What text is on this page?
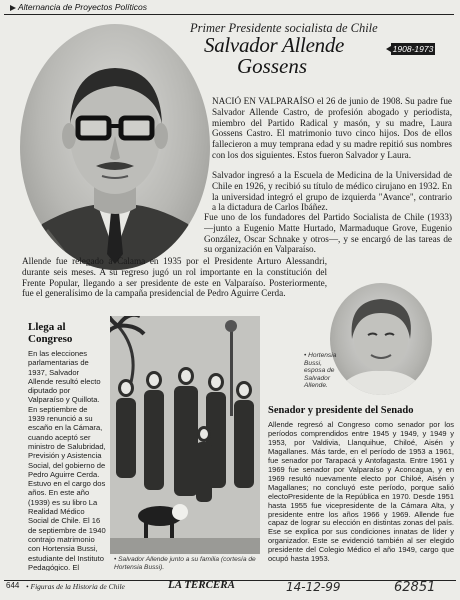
Alternancia de Proyectos Políticos
Primer Presidente socialista de Chile
Salvador Allende	1908-1973
Gossens
NACIÓ EN VALPARAÍSO el 26 de junio de 1908. Su padre fue Salvador Allende Castro, de profesión abogado y periodista, miembro del Partido Radical y masón, y su madre, Laura Gossens Castro. El matrimonio tuvo cinco hijos. Dos de ellos fallecieron a muy temprana edad y su madre repitió sus nombres con los dos siguientes. Estos fueron Salvador y Laura.
Salvador ingresó a la Escuela de Medicina de la Universidad de Chile en 1926, y recibió su título de médico cirujano en 1932. En la universidad integró el grupo de izquierda "Avance", contrario a la dictadura de Carlos Ibáñez.
Fue uno de los fundadores del Partido Socialista de Chile (1933) —junto a Eugenio Matte Hurtado, Marmaduque Grove, Eugenio González, Oscar Schnake y otros—, y se encargó de las tareas de su organización en Valparaíso.
Allende fue relegado a Calama en 1935 por el Presidente Arturo Alessandri, durante seis meses. A su regreso jugó un rol importante en la constitución del Frente Popular, llegando a ser presidente de este en Valparaíso. Posteriormente, fue el generalísimo de la campaña presidencial de Pedro Aguirre Cerda.
• Hortensia Bussi, esposa de Salvador Allende.
Llega al
Congreso
En las elecciones parlamentarias de 1937, Salvador Allende resultó electo diputado por Valparaíso y Quillota. En septiembre de 1939 renunció a su escaño en la Cámara, cuando aceptó ser ministro de Salubridad, Previsión y Asistencia Social, del gobierno de Pedro Aguirre Cerda. Estuvo en el cargo dos años. En este año (1939) es su libro La Realidad Médico Social de Chile. El 16 de septiembre de 1940 contrajo matrimonio con Hortensia Bussi, estudiante del Instituto Pedagógico. El
• Salvador Allende junto a su familia (cortesía de Hortensia Bussi).
Senador y presidente del Senado
Allende regresó al Congreso como senador por los períodos comprendidos entre 1945 y 1949, y 1949 y 1953, por Valdivia, Llanquihue, Chiloé, Aisén y Magallanes. Más tarde, en el período de 1953 a 1961, fue senador por Tarapacá y Antofagasta. Entre 1961 y 1969 fue senador por Valparaíso y Aconcagua, y en 1969 resultó nuevamente electo por Chiloé, Aisén y Magallanes; no concluyó este período, porque salió electoPresidente de la República en 1970. Desde 1951 hasta 1955 fue vicepresidente de la Cámara Alta, y presidente entre los años 1966 y 1969. Allende fue capaz de lograr su elección en distintas zonas del país. Ese se explica por sus condiciones innatas de líder y organizador. Este se evidenció también al ser elegido presidente del Colegio Médico el año 1949, cargo que ocupó hasta 1953.
644 • Figuras de la Historia de Chile	LA TERCERA	14-12-99	62851
